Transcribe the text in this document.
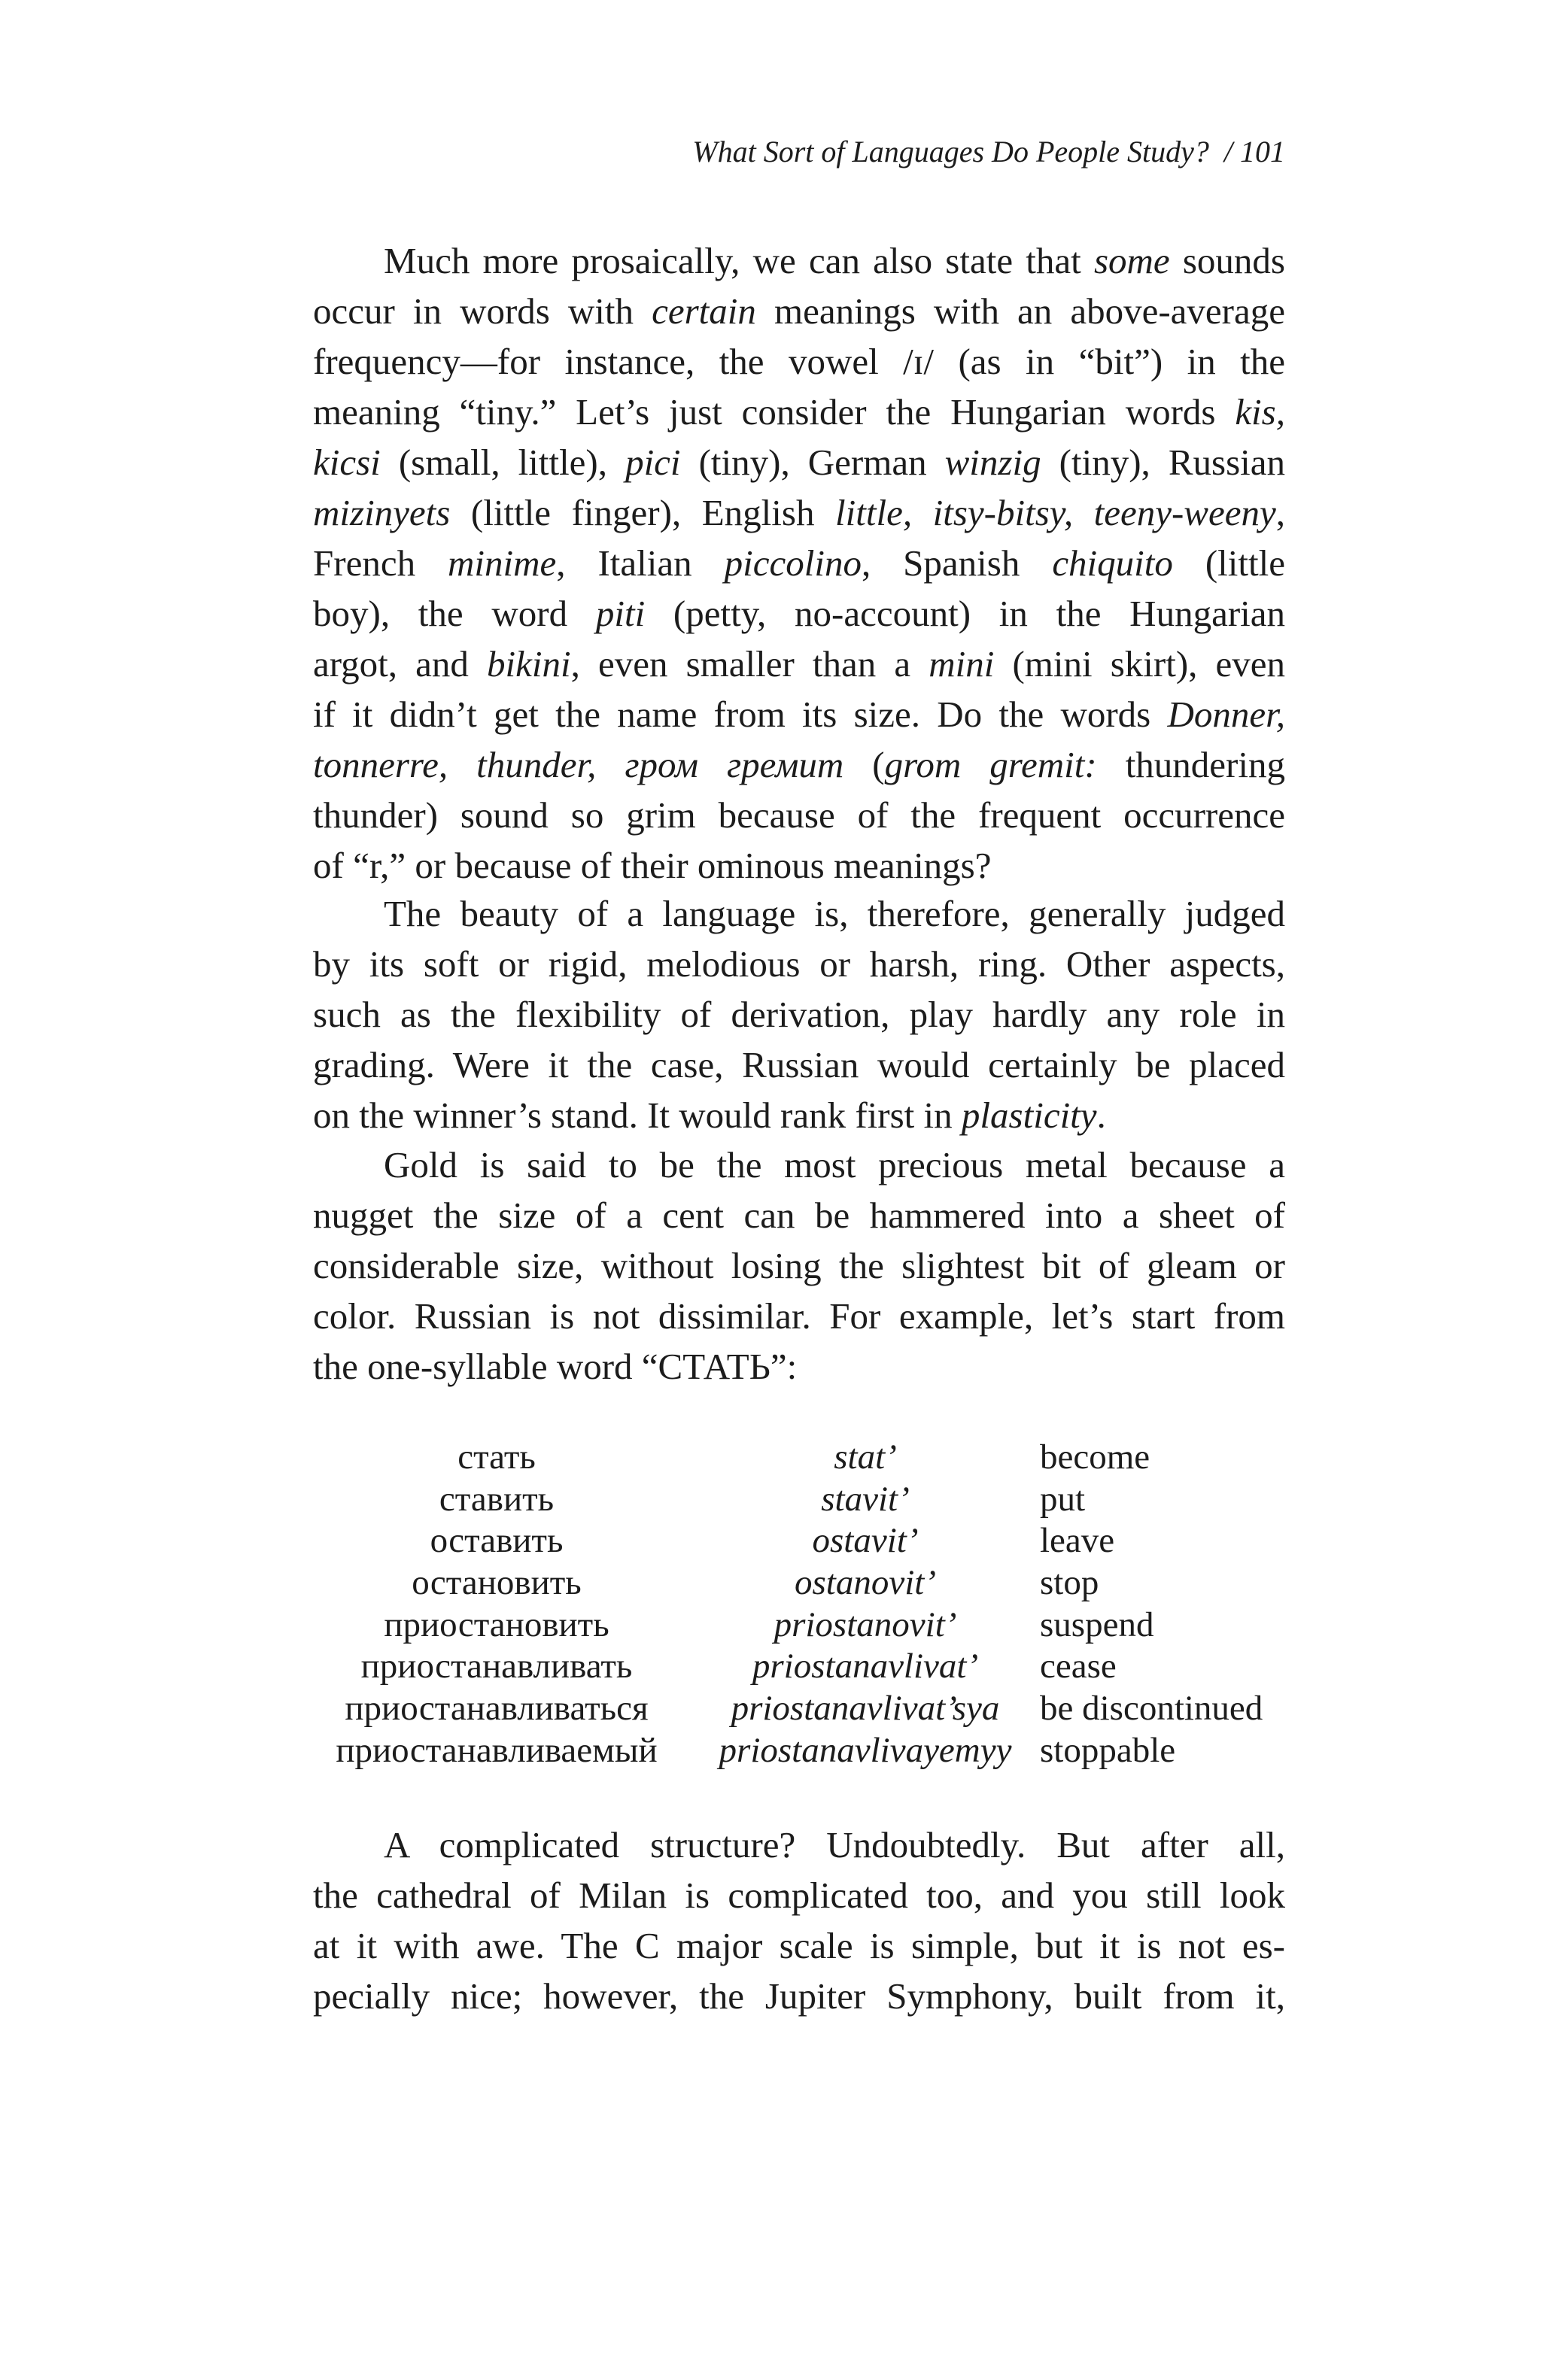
What Sort of Languages Do People Study? / 101
Much more prosaically, we can also state that some sounds
occur in words with certain meanings with an above-average
frequency—for instance, the vowel /ɪ/ (as in “bit”) in the
meaning “tiny.” Let’s just consider the Hungarian words kis,
kicsi (small, little), pici (tiny), German winzig (tiny), Russian
mizinyets (little finger), English little, itsy-bitsy, teeny-weeny,
French minime, Italian piccolino, Spanish chiquito (little
boy), the word piti (petty, no-account) in the Hungarian
argot, and bikini, even smaller than a mini (mini skirt), even
if it didn’t get the name from its size. Do the words Donner,
tonnerre, thunder, гром гремит (grom gremit: thundering
thunder) sound so grim because of the frequent occurrence
of “r,” or because of their ominous meanings?
The beauty of a language is, therefore, generally judged
by its soft or rigid, melodious or harsh, ring. Other aspects,
such as the flexibility of derivation, play hardly any role in
grading. Were it the case, Russian would certainly be placed
on the winner’s stand. It would rank first in plasticity.
Gold is said to be the most precious metal because a
nugget the size of a cent can be hammered into a sheet of
considerable size, without losing the slightest bit of gleam or
color. Russian is not dissimilar. For example, let’s start from
the one-syllable word “СТАТЬ”:
стать	stat’	become
ставить	stavit’	put
оставить	ostavit’	leave
остановить	ostanovit’	stop
приостановить	priostanovit’	suspend
приостанавливать	priostanavlivat’	cease
приостанавливаться	priostanavlivat’sya	be discontinued
приостанавливаемый	priostanavlivayemyy stoppable
A complicated structure? Undoubtedly. But after all,
the cathedral of Milan is complicated too, and you still look
at it with awe. The C major scale is simple, but it is not es-
pecially nice; however, the Jupiter Symphony, built from it,
